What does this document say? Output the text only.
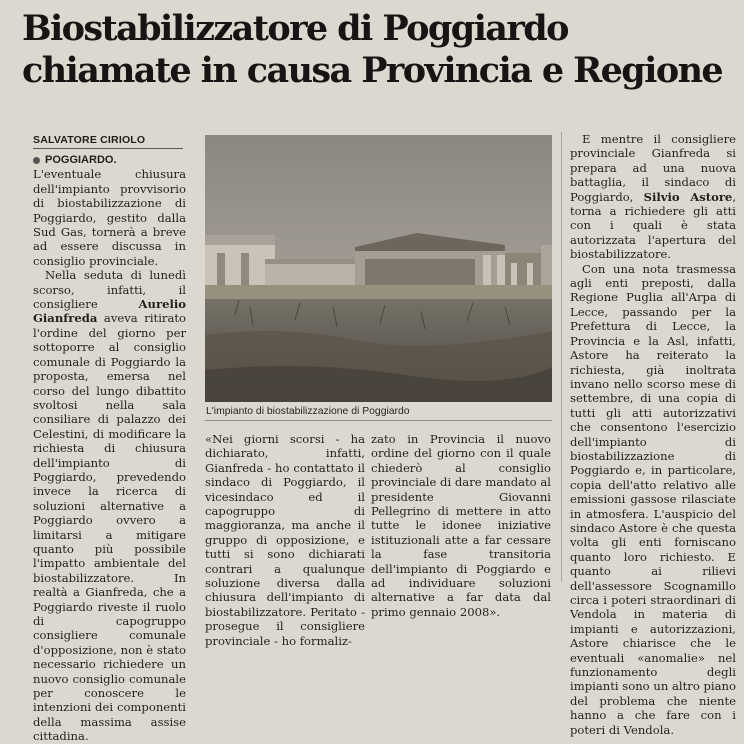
Biostabilizzatore di Poggiardo
chiamate in causa Provincia e Regione
SALVATORE CIRIOLO

POGGIARDO. L'eventuale chiusura dell'impianto provvisorio di biostabilizzazione di Poggiardo, gestito dalla Sud Gas, tornerà a breve ad essere discussa in consiglio provinciale.

Nella seduta di lunedì scorso, infatti, il consigliere Aurelio Gianfreda aveva ritirato l'ordine del giorno per sottoporre al consiglio comunale di Poggiardo la proposta, emersa nel corso del lungo dibattito svoltosi nella sala consiliare di palazzo dei Celestini, di modificare la richiesta di chiusura dell'impianto di Poggiardo, prevedendo invece la ricerca di soluzioni alternative a Poggiardo ovvero a limitarsi a mitigare quanto più possibile l'impatto ambientale del biostabilizzatore. In realtà a Gianfreda, che a Poggiardo riveste il ruolo di capogruppo consigliere comunale d'opposizione, non è stato necessario richiedere un nuovo consiglio comunale per conoscere le intenzioni dei componenti della massima assise cittadina.

L'impianto di biostabilizzazione di Poggiardo

«Nei giorni scorsi - ha dichiarato, infatti, Gianfreda - ho contattato il sindaco di Poggiardo, il vicesindaco ed il capogruppo di maggioranza, ma anche il gruppo di opposizione, e tutti si sono dichiarati contrari a qualunque soluzione diversa dalla chiusura dell'impianto di biostabilizzatore. Peritato - prosegue il consigliere provinciale - ho formaliz-

zato in Provincia il nuovo ordine del giorno con il quale chiederò al consiglio provinciale di dare mandato al presidente Giovanni Pellegrino di mettere in atto tutte le idonee iniziative istituzionali atte a far cessare la fase transitoria dell'impianto di Poggiardo e ad individuare soluzioni alternative a far data dal primo gennaio 2008».

E mentre il consigliere provinciale Gianfreda si prepara ad una nuova battaglia, il sindaco di Poggiardo, Silvio Astore, torna a richiedere gli atti con i quali è stata autorizzata l'apertura del biostabilizzatore.

Con una nota trasmessa agli enti preposti, dalla Regione Puglia all'Arpa di Lecce, passando per la Prefettura di Lecce, la Provincia e la Asl, infatti, Astore ha reiterato la richiesta, già inoltrata invano nello scorso mese di settembre, di una copia di tutti gli atti autorizzativi che consentono l'esercizio dell'impianto di biostabilizzazione di Poggiardo e, in particolare, copia dell'atto relativo alle emissioni gassose rilasciate in atmosfera. L'auspicio del sindaco Astore è che questa volta gli enti forniscano quanto loro richiesto. E quanto ai rilievi dell'assessore Scognamillo circa i poteri straordinari di Vendola in materia di impianti e autorizzazioni, Astore chiarisce che le eventuali «anomalie» nel funzionamento degli impianti sono un altro piano del problema che niente hanno a che fare con i poteri di Vendola.
